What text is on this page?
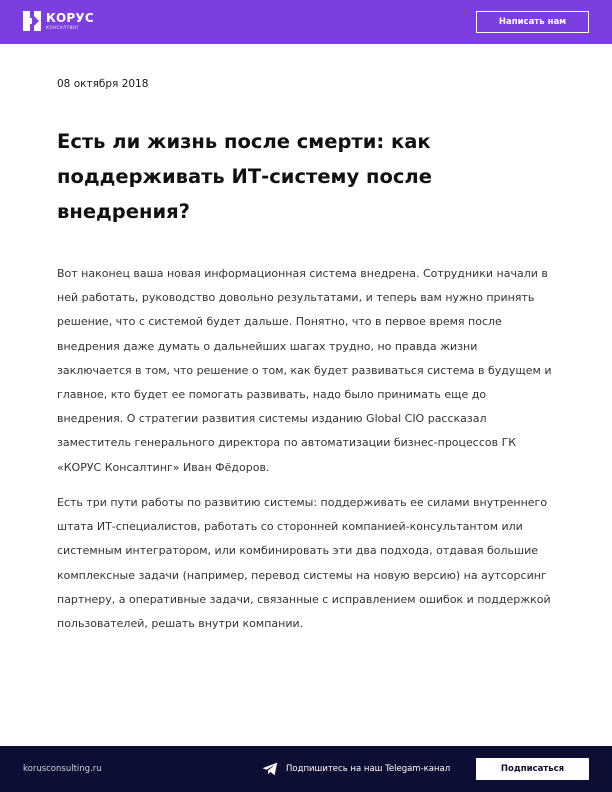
КОРУС
КОНСАЛТИНГ
Написать нам
08 октября 2018
Есть ли жизнь после смерти: как поддерживать ИТ-систему после внедрения?

Вот наконец ваша новая информационная система внедрена. Сотрудники начали в ней работать, руководство довольно результатами, и теперь вам нужно принять решение, что с системой будет дальше. Понятно, что в первое время после внедрения даже думать о дальнейших шагах трудно, но правда жизни заключается в том, что решение о том, как будет развиваться система в будущем и главное, кто будет ее помогать развивать, надо было принимать еще до внедрения. О стратегии развития системы изданию Global CIO рассказал заместитель генерального директора по автоматизации бизнес-процессов ГК «КОРУС Консалтинг» Иван Фёдоров.

Есть три пути работы по развитию системы: поддерживать ее силами внутреннего штата ИТ-специалистов, работать со сторонней компанией-консультантом или системным интегратором, или комбинировать эти два подхода, отдавая большие комплексные задачи (например, перевод системы на новую версию) на аутсорсинг партнеру, а оперативные задачи, связанные с исправлением ошибок и поддержкой пользователей, решать внутри компании.

korusconsulting.ru	Подпишитесь на наш Telegam-канал	Подписаться
